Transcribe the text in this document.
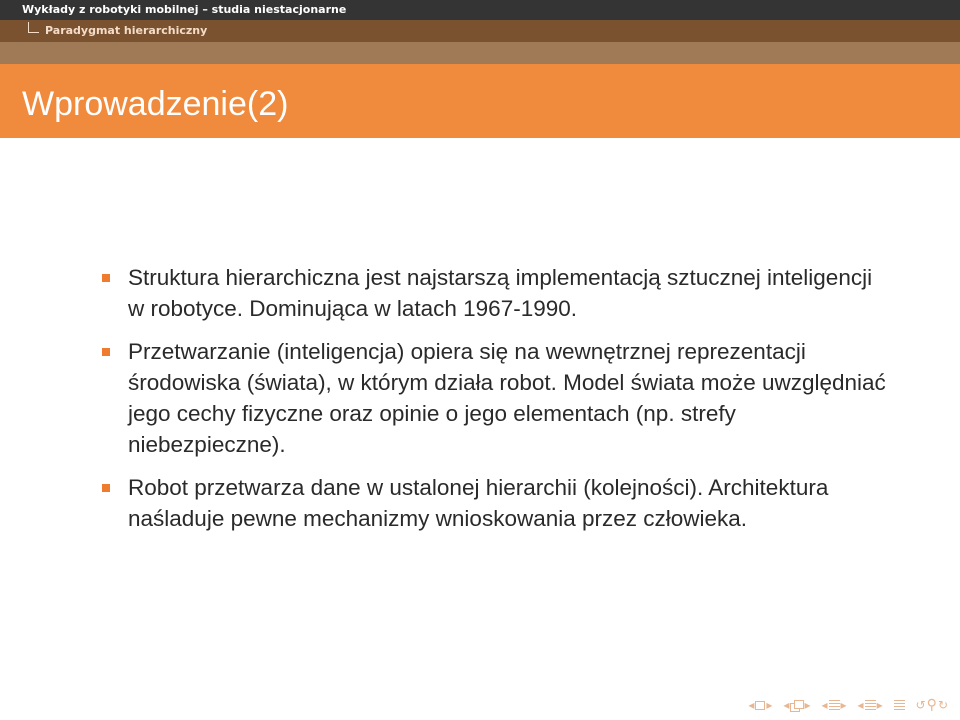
Wykłady z robotyki mobilnej – studia niestacjonarne
Paradygmat hierarchiczny
Wprowadzenie(2)
Struktura hierarchiczna jest najstarszą implementacją sztucznej inteligencji w robotyce. Dominująca w latach 1967-1990.
Przetwarzanie (inteligencja) opiera się na wewnętrznej reprezentacji środowiska (świata), w którym działa robot. Model świata może uwzględniać jego cechy fizyczne oraz opinie o jego elementach (np. strefy niebezpieczne).
Robot przetwarza dane w ustalonej hierarchii (kolejności). Architektura naśladuje pewne mechanizmy wnioskowania przez człowieka.
◂ ▸ ◂ ▸ ◂ ▸ ◂ ▸	↺ ⚲ ↻
